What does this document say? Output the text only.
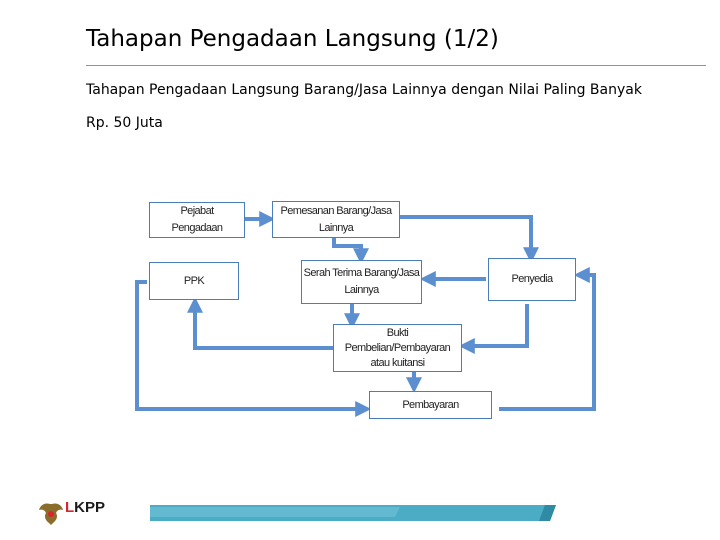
Tahapan Pengadaan Langsung (1/2)
Tahapan Pengadaan Langsung Barang/Jasa Lainnya dengan Nilai Paling Banyak
Rp. 50 Juta
Pejabat
Pengadaan
Pemesanan Barang/Jasa
Lainnya
PPK
Serah Terima Barang/Jasa
Lainnya
Penyedia
Bukti
Pembelian/Pembayaran
atau kuitansi
Pembayaran
LKPP
